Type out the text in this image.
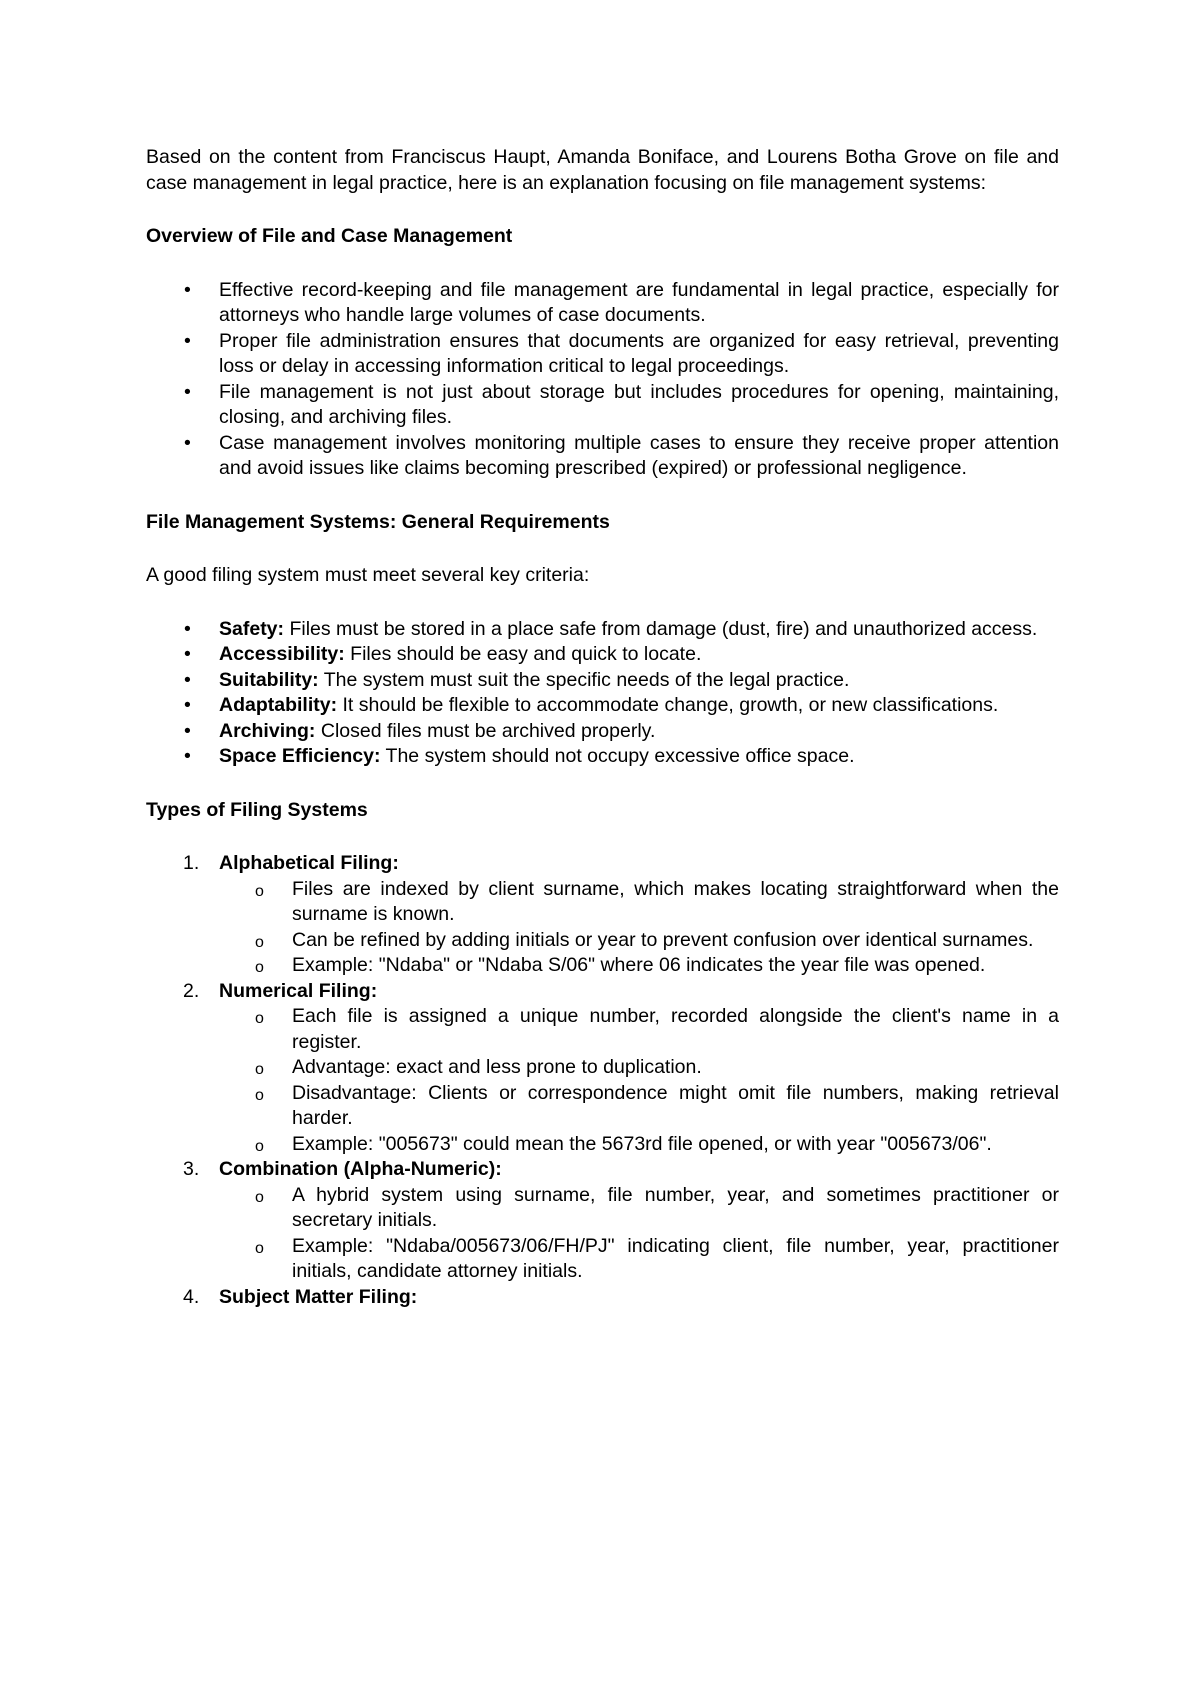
Based on the content from Franciscus Haupt, Amanda Boniface, and Lourens Botha Grove on file and case management in legal practice, here is an explanation focusing on file management systems:

Overview of File and Case Management
• Effective record-keeping and file management are fundamental in legal practice, especially for attorneys who handle large volumes of case documents.
• Proper file administration ensures that documents are organized for easy retrieval, preventing loss or delay in accessing information critical to legal proceedings.
• File management is not just about storage but includes procedures for opening, maintaining, closing, and archiving files.
• Case management involves monitoring multiple cases to ensure they receive proper attention and avoid issues like claims becoming prescribed (expired) or professional negligence.
File Management Systems: General Requirements

A good filing system must meet several key criteria:

• Safety: Files must be stored in a place safe from damage (dust, fire) and unauthorized access.
• Accessibility: Files should be easy and quick to locate.
• Suitability: The system must suit the specific needs of the legal practice.
• Adaptability: It should be flexible to accommodate change, growth, or new classifications.
• Archiving: Closed files must be archived properly.
• Space Efficiency: The system should not occupy excessive office space.
Types of Filing Systems
1. Alphabetical Filing:
o Files are indexed by client surname, which makes locating straightforward when the surname is known.
o Can be refined by adding initials or year to prevent confusion over identical surnames.
o Example: "Ndaba" or "Ndaba S/06" where 06 indicates the year file was opened.
2. Numerical Filing:
o Each file is assigned a unique number, recorded alongside the client's name in a register.
o Advantage: exact and less prone to duplication.
o Disadvantage: Clients or correspondence might omit file numbers, making retrieval harder.
o Example: "005673" could mean the 5673rd file opened, or with year "005673/06".
3. Combination (Alpha-Numeric):
o A hybrid system using surname, file number, year, and sometimes practitioner or secretary initials.
o Example: "Ndaba/005673/06/FH/PJ" indicating client, file number, year, practitioner initials, candidate attorney initials.
4. Subject Matter Filing:
